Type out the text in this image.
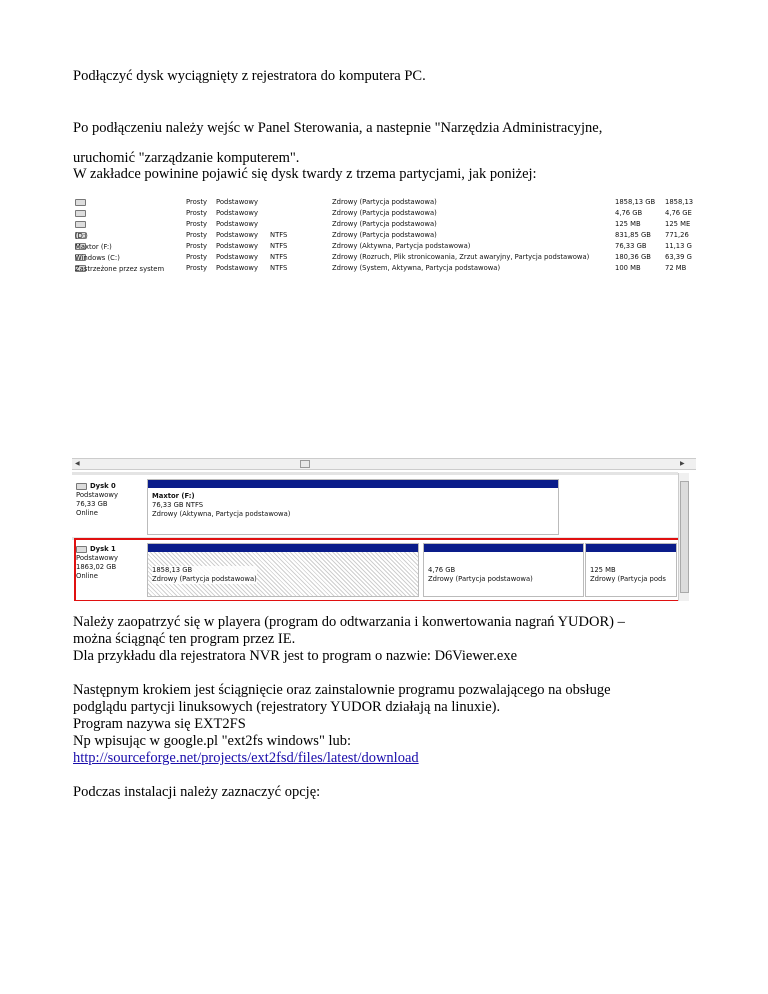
Podłączyć dysk wyciągnięty z rejestratora do komputera PC.

Po podłączeniu należy wejśc w Panel Sterowania, a nastepnie "Narzędzia Administracyjne,

uruchomić "zarządzanie komputerem".

W zakładce powinine pojawić się dysk twardy z trzema partycjami, jak poniżej:

Prosty Podstawowy	Zdrowy (Partycja podstawowa)	1858,13 GB 1858,13
Prosty Podstawowy	Zdrowy (Partycja podstawowa)	4,76 GB	4,76 GE
Prosty Podstawowy	Zdrowy (Partycja podstawowa)	125 MB	125 ME
(D:)	Prosty Podstawowy NTFS	Zdrowy (Partycja podstawowa)	831,85 GB 771,26
Maxtor (F:)	Prosty Podstawowy NTFS	Zdrowy (Aktywna, Partycja podstawowa)	76,33 GB	11,13 G
Windows (C:)	Prosty Podstawowy NTFS	Zdrowy (Rozruch, Plik stronicowania, Zrzut awaryjny, Partycja podstawowa)	180,36 GB 63,39 G
Zastrzeżone przez system	Prosty Podstawowy NTFS	Zdrowy (System, Aktywna, Partycja podstawowa)	100 MB	72 MB
◀	▶
Dysk 0
Podstawowy
76,33 GB
Online
Maxtor (F:)
76,33 GB NTFS
Zdrowy (Aktywna, Partycja podstawowa)
Dysk 1
Podstawowy
1863,02 GB
Online
1858,13 GB
Zdrowy (Partycja podstawowa)
4,76 GB
Zdrowy (Partycja podstawowa)
125 MB
Zdrowy (Partycja pods

Należy zaopatrzyć się w playera (program do odtwarzania i konwertowania nagrań YUDOR) –

można ściągnąć ten program przez IE.

Dla przykładu dla rejestratora NVR jest to program o nazwie: D6Viewer.exe

Następnym krokiem jest ściągnięcie oraz zainstalownie programu pozwalającego na obsługe

podglądu partycji linuksowych (rejestratory YUDOR działają na linuxie).

Program nazywa się EXT2FS

Np wpisując w google.pl "ext2fs windows" lub:

http://sourceforge.net/projects/ext2fsd/files/latest/download

Podczas instalacji należy zaznaczyć opcję:
